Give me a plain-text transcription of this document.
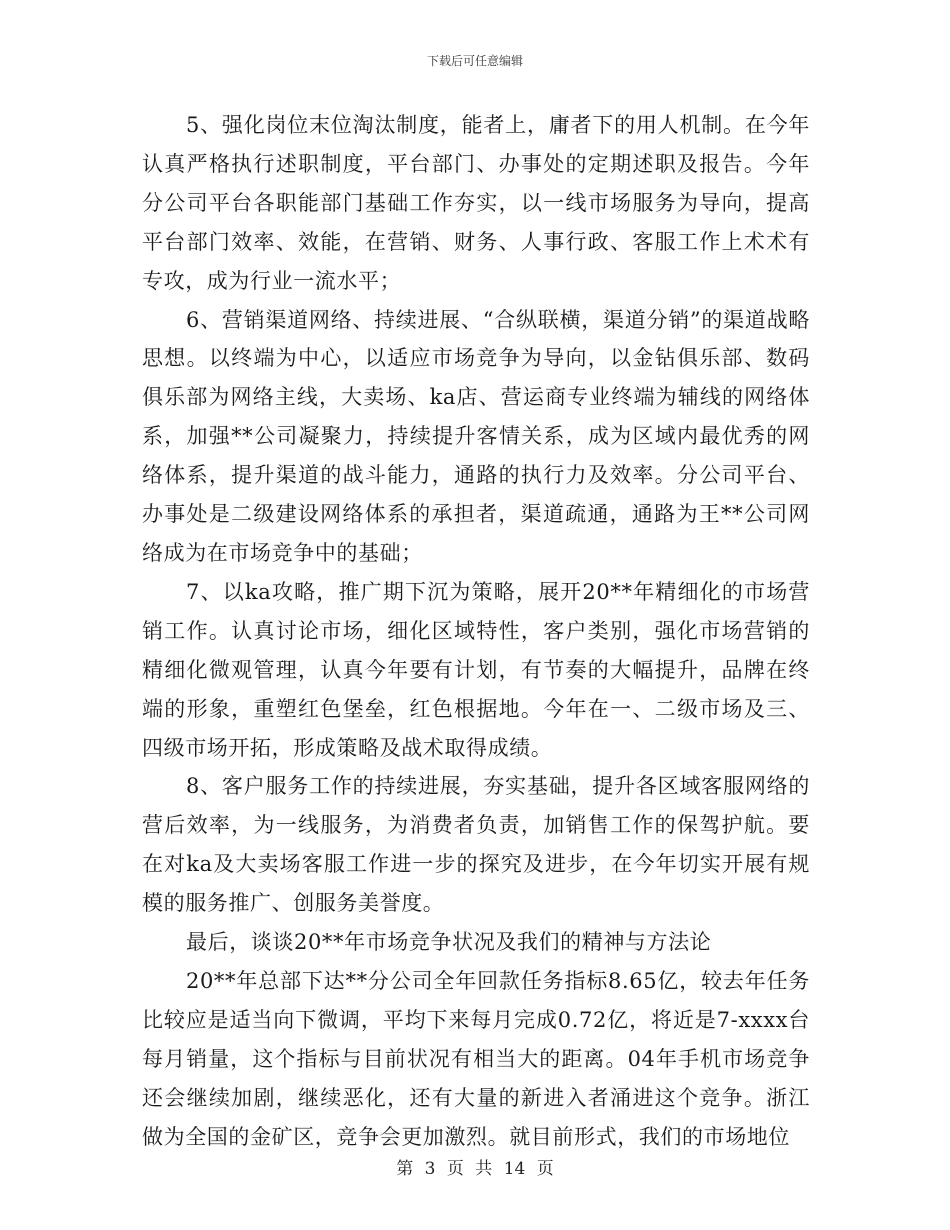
下载后可任意编辑

5、强化岗位末位淘汰制度，能者上，庸者下的用人机制。在今年认真严格执行述职制度，平台部门、办事处的定期述职及报告。今年分公司平台各职能部门基础工作夯实，以一线市场服务为导向，提高平台部门效率、效能，在营销、财务、人事行政、客服工作上术术有专攻，成为行业一流水平；

6、营销渠道网络、持续进展、“合纵联横，渠道分销”的渠道战略思想。以终端为中心，以适应市场竞争为导向，以金钻俱乐部、数码俱乐部为网络主线，大卖场、ka店、营运商专业终端为辅线的网络体系，加强**公司凝聚力，持续提升客情关系，成为区域内最优秀的网络体系，提升渠道的战斗能力，通路的执行力及效率。分公司平台、办事处是二级建设网络体系的承担者，渠道疏通，通路为王**公司网络成为在市场竞争中的基础；

7、以ka攻略，推广期下沉为策略，展开20**年精细化的市场营销工作。认真讨论市场，细化区域特性，客户类别，强化市场营销的精细化微观管理，认真今年要有计划，有节奏的大幅提升，品牌在终端的形象，重塑红色堡垒，红色根据地。今年在一、二级市场及三、四级市场开拓，形成策略及战术取得成绩。

8、客户服务工作的持续进展，夯实基础，提升各区域客服网络的营后效率，为一线服务，为消费者负责，加销售工作的保驾护航。要在对ka及大卖场客服工作进一步的探究及进步，在今年切实开展有规模的服务推广、创服务美誉度。

最后，谈谈20**年市场竞争状况及我们的精神与方法论

20**年总部下达**分公司全年回款任务指标8.65亿，较去年任务比较应是适当向下微调，平均下来每月完成0.72亿，将近是7-xxxx台每月销量，这个指标与目前状况有相当大的距离。04年手机市场竞争还会继续加剧，继续恶化，还有大量的新进入者涌进这个竞争。浙江做为全国的金矿区，竞争会更加激烈。就目前形式，我们的市场地位

第 3 页 共 14 页
